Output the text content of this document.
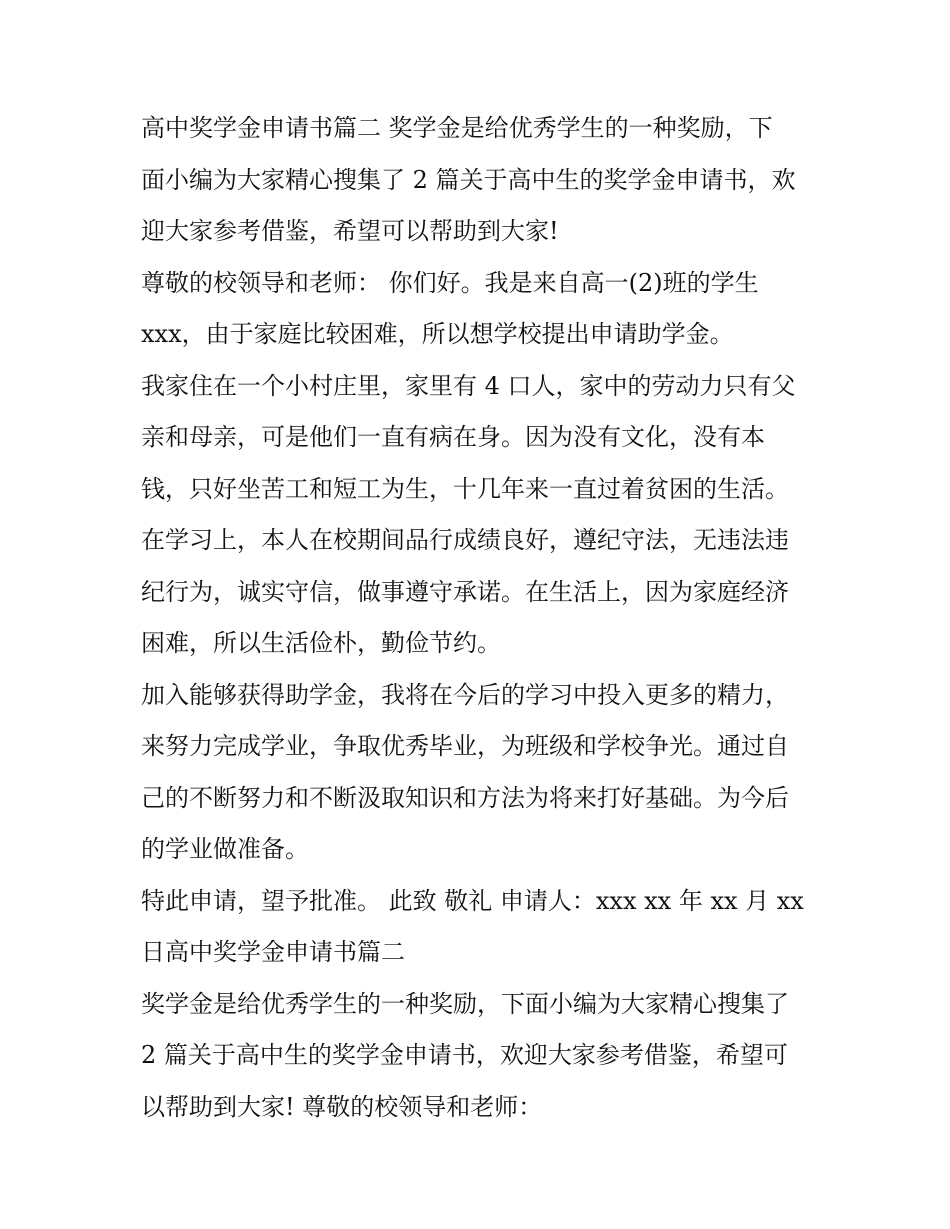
高中奖学金申请书篇二 奖学金是给优秀学生的一种奖励，下
面小编为大家精心搜集了 2 篇关于高中生的奖学金申请书，欢
迎大家参考借鉴，希望可以帮助到大家!
尊敬的校领导和老师： 你们好。我是来自高一(2)班的学生
xxx，由于家庭比较困难，所以想学校提出申请助学金。
我家住在一个小村庄里，家里有 4 口人，家中的劳动力只有父
亲和母亲，可是他们一直有病在身。因为没有文化，没有本
钱，只好坐苦工和短工为生，十几年来一直过着贫困的生活。
在学习上，本人在校期间品行成绩良好，遵纪守法，无违法违
纪行为，诚实守信，做事遵守承诺。在生活上，因为家庭经济
困难，所以生活俭朴，勤俭节约。
加入能够获得助学金，我将在今后的学习中投入更多的精力，
来努力完成学业，争取优秀毕业，为班级和学校争光。通过自
己的不断努力和不断汲取知识和方法为将来打好基础。为今后
的学业做准备。
特此申请，望予批准。 此致 敬礼 申请人：xxx xx 年 xx 月 xx
日高中奖学金申请书篇二
奖学金是给优秀学生的一种奖励，下面小编为大家精心搜集了
2 篇关于高中生的奖学金申请书，欢迎大家参考借鉴，希望可
以帮助到大家! 尊敬的校领导和老师：
